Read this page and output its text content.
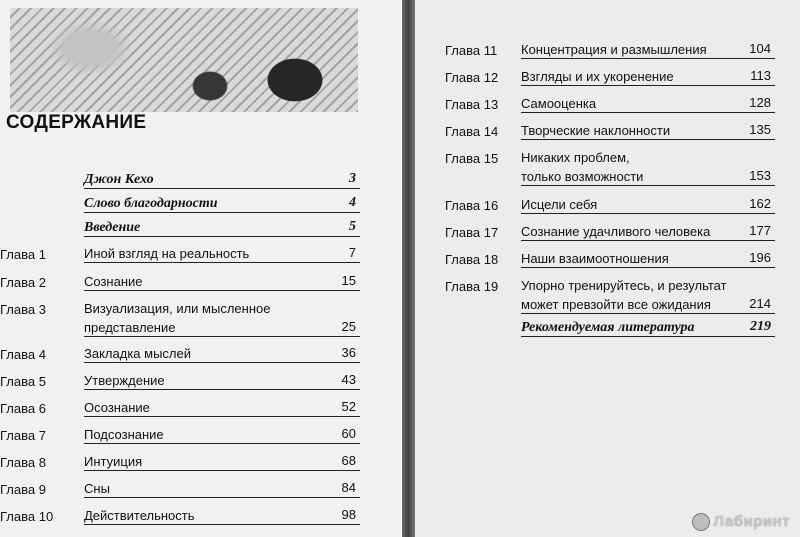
СОДЕРЖАНИЕ
Джон Кехо	3
Слово благодарности	4
Введение	5
Глава 1	Иной взгляд на реальность	7
Глава 2	Сознание	15
Глава 3	Визуализация, или мысленное
представление	25
Глава 4	Закладка мыслей	36
Глава 5	Утверждение	43
Глава 6	Осознание	52
Глава 7	Подсознание	60
Глава 8	Интуиция	68
Глава 9	Сны	84
Глава 10 Действительность	98
Глава 11 Концентрация и размышления	104
Глава 12 Взгляды и их укоренение	113
Глава 13 Самооценка	128
Глава 14 Творческие наклонности	135
Глава 15 Никаких проблем,
только возможности	153
Глава 16 Исцели себя	162
Глава 17 Сознание удачливого человека	177
Глава 18 Наши взаимоотношения	196
Глава 19 Упорно тренируйтесь, и результат
может превзойти все ожидания	214
Рекомендуемая литература	219
Лабиринт
